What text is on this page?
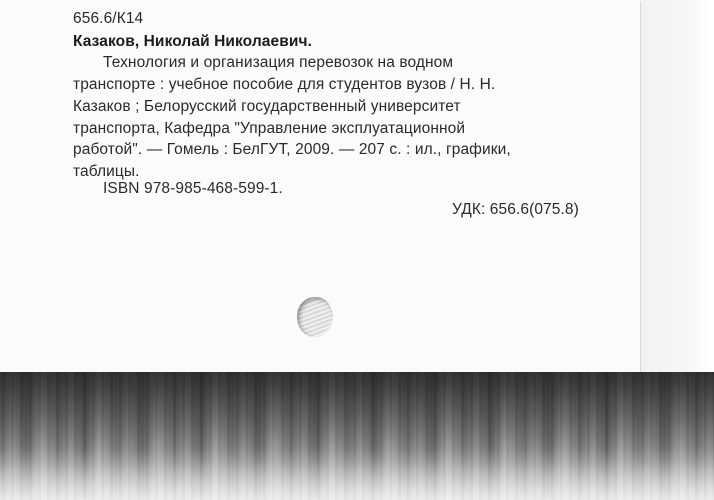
656.6/К14
Казаков, Николай Николаевич.
Технология и организация перевозок на водном
транспорте : учебное пособие для студентов вузов / Н. Н.
Казаков ; Белорусский государственный университет
транспорта, Кафедра "Управление эксплуатационной
работой". — Гомель : БелГУТ, 2009. — 207 с. : ил., графики,
таблицы.
ISBN 978-985-468-599-1.
УДК: 656.6(075.8)
